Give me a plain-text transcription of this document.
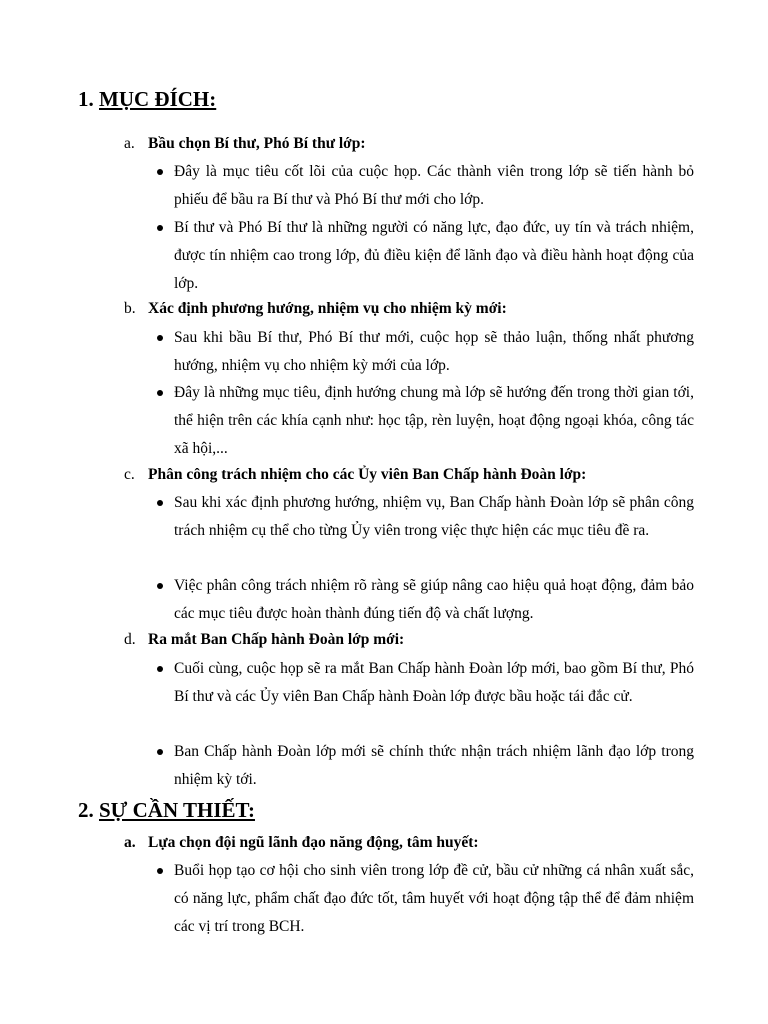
1. MỤC ĐÍCH:
a. Bầu chọn Bí thư, Phó Bí thư lớp:
Đây là mục tiêu cốt lõi của cuộc họp. Các thành viên trong lớp sẽ tiến hành bỏ phiếu để bầu ra Bí thư và Phó Bí thư mới cho lớp.
Bí thư và Phó Bí thư là những người có năng lực, đạo đức, uy tín và trách nhiệm, được tín nhiệm cao trong lớp, đủ điều kiện để lãnh đạo và điều hành hoạt động của lớp.
b. Xác định phương hướng, nhiệm vụ cho nhiệm kỳ mới:
Sau khi bầu Bí thư, Phó Bí thư mới, cuộc họp sẽ thảo luận, thống nhất phương hướng, nhiệm vụ cho nhiệm kỳ mới của lớp.
Đây là những mục tiêu, định hướng chung mà lớp sẽ hướng đến trong thời gian tới, thể hiện trên các khía cạnh như: học tập, rèn luyện, hoạt động ngoại khóa, công tác xã hội,...
c. Phân công trách nhiệm cho các Ủy viên Ban Chấp hành Đoàn lớp:
Sau khi xác định phương hướng, nhiệm vụ, Ban Chấp hành Đoàn lớp sẽ phân công trách nhiệm cụ thể cho từng Ủy viên trong việc thực hiện các mục tiêu đề ra.
Việc phân công trách nhiệm rõ ràng sẽ giúp nâng cao hiệu quả hoạt động, đảm bảo các mục tiêu được hoàn thành đúng tiến độ và chất lượng.
d. Ra mắt Ban Chấp hành Đoàn lớp mới:
Cuối cùng, cuộc họp sẽ ra mắt Ban Chấp hành Đoàn lớp mới, bao gồm Bí thư, Phó Bí thư và các Ủy viên Ban Chấp hành Đoàn lớp được bầu hoặc tái đắc cử.
Ban Chấp hành Đoàn lớp mới sẽ chính thức nhận trách nhiệm lãnh đạo lớp trong nhiệm kỳ tới.
2. SỰ CẦN THIẾT:
a. Lựa chọn đội ngũ lãnh đạo năng động, tâm huyết:
Buổi họp tạo cơ hội cho sinh viên trong lớp đề cử, bầu cử những cá nhân xuất sắc, có năng lực, phẩm chất đạo đức tốt, tâm huyết với hoạt động tập thể để đảm nhiệm các vị trí trong BCH.
